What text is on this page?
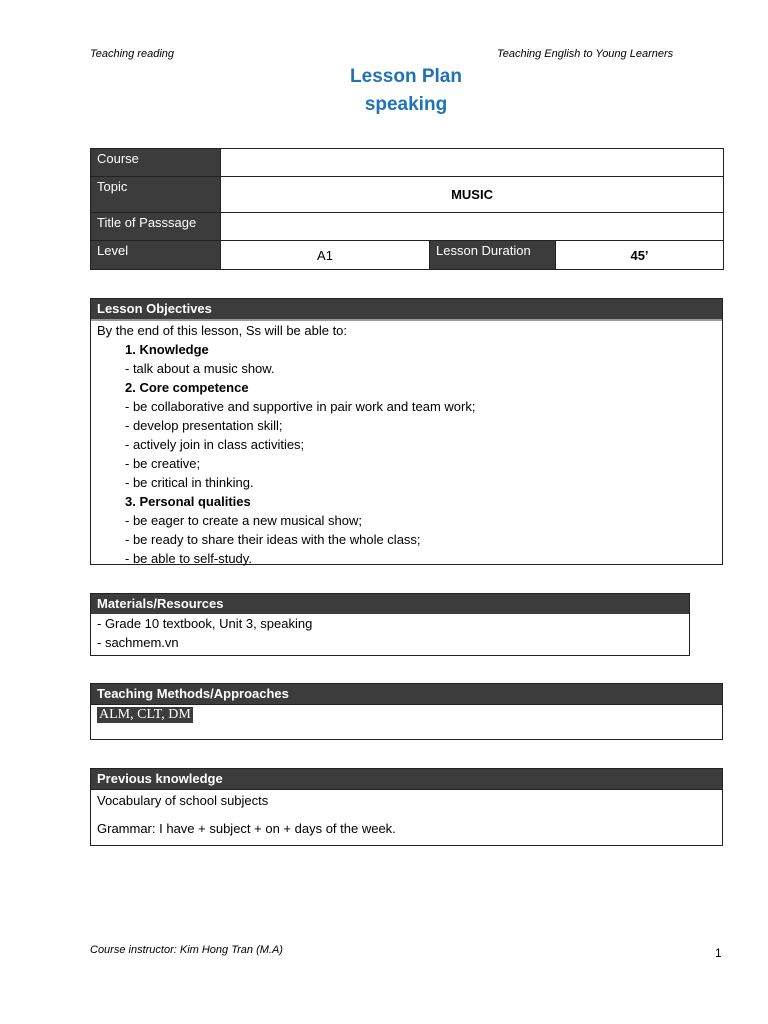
Teaching reading	Teaching English to Young Learners
Lesson Plan
speaking
Course			
Topic	MUSIC		
Title of Passsage			
Level	A1	Lesson Duration	45’
Lesson Objectives
By the end of this lesson, Ss will be able to:
1. Knowledge
- talk about a music show.
2. Core competence
- be collaborative and supportive in pair work and team work;
- develop presentation skill;
- actively join in class activities;
- be creative;
- be critical in thinking.
3. Personal qualities
- be eager to create a new musical show;
- be ready to share their ideas with the whole class;
- be able to self-study.
Materials/Resources
- Grade 10 textbook, Unit 3, speaking
- sachmem.vn
Teaching Methods/Approaches
ALM, CLT, DM
Previous knowledge
Vocabulary of school subjects
Grammar: I have + subject + on + days of the week.
Course instructor: Kim Hong Tran (M.A)	1
